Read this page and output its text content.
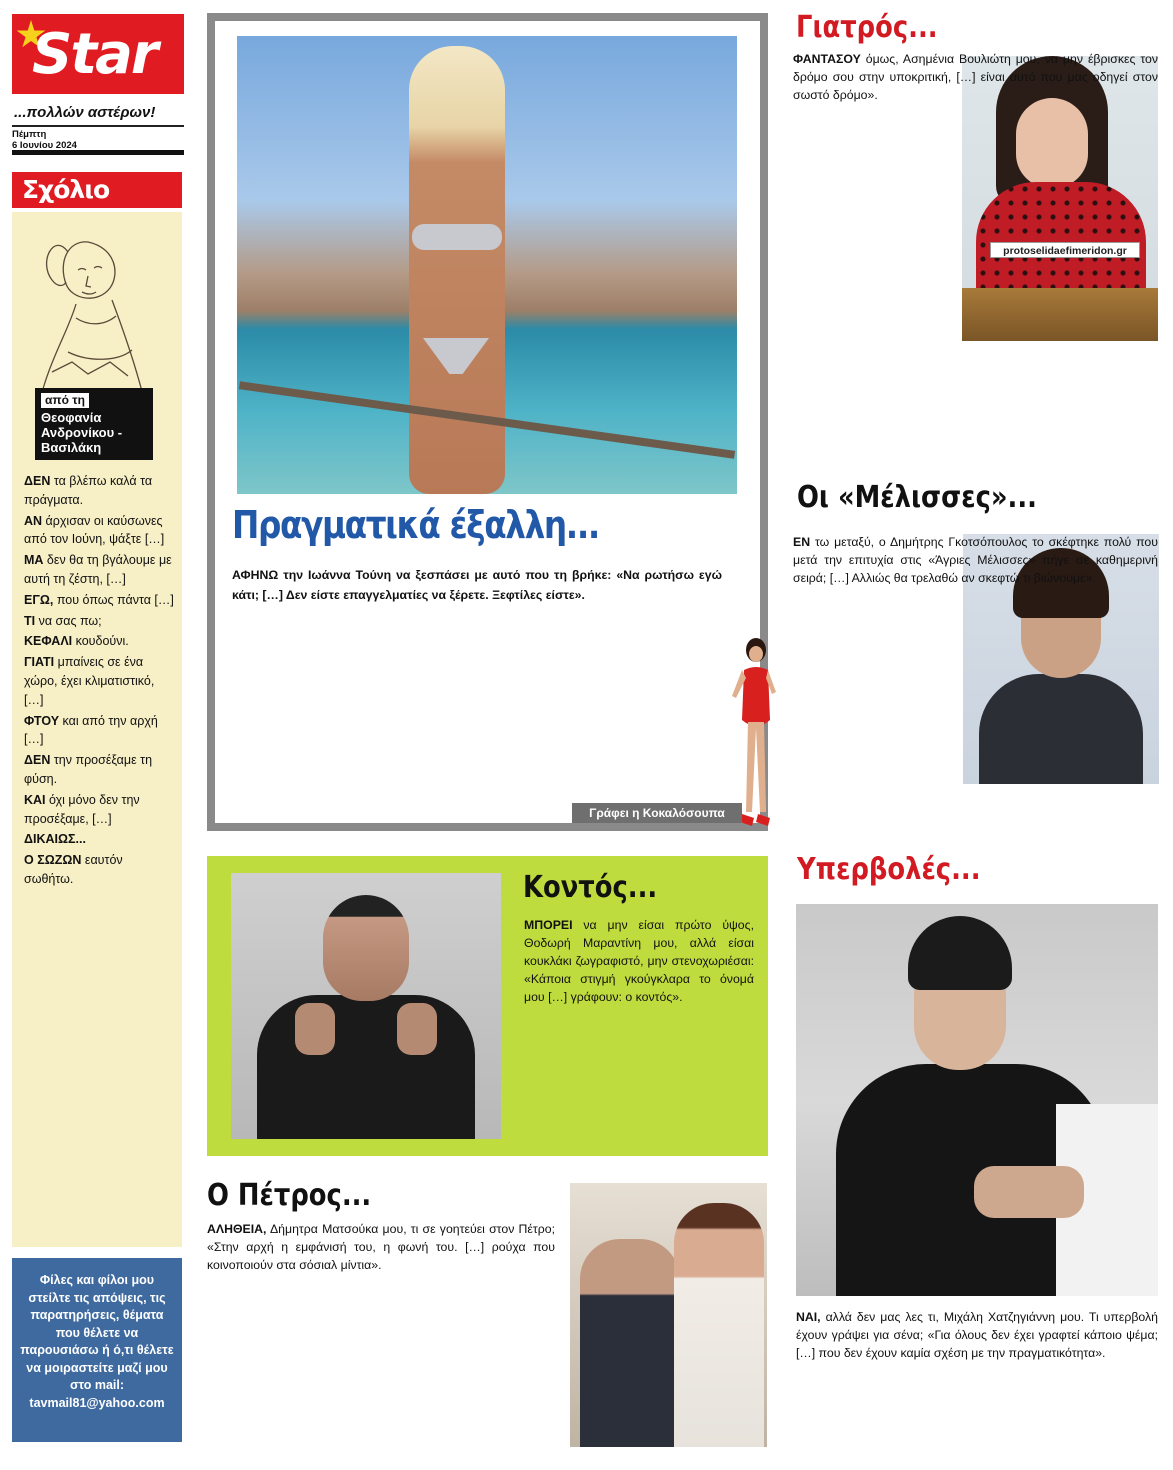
Star
...πολλών αστέρων!
Πέμπτη
6 Ιουνίου 2024
Σχόλιο
από τη
Θεοφανία Ανδρονίκου - Βασιλάκη

ΔΕΝ τα βλέπω καλά τα πράγματα.

ΑΝ άρχισαν οι καύσωνες από τον Ιούνη, ψάξτε […]

ΜΑ δεν θα τη βγάλουμε με αυτή τη ζέστη, […]

ΕΓΩ, που όπως πάντα […]

ΤΙ να σας πω;

ΚΕΦΑΛΙ κουδούνι.

ΓΙΑΤΙ μπαίνεις σε ένα χώρο, έχει κλιματιστικό, […]

ΦΤΟΥ και από την αρχή […]

ΔΕΝ την προσέξαμε τη φύση.

ΚΑΙ όχι μόνο δεν την προσέξαμε, […]

ΔΙΚΑΙΩΣ...

Ο ΣΩΖΩΝ εαυτόν σωθήτω.

Φίλες και φίλοι μου στείλτε τις απόψεις, τις παρατηρήσεις, θέματα που θέλετε να παρουσιάσω ή ό,τι θέλετε να μοιραστείτε μαζί μου στο mail:
tavmail81@yahoo.com
Πραγματικά έξαλλη...
ΑΦΗΝΩ την Ιωάννα Τούνη να ξεσπάσει με αυτό που τη βρήκε: «Να ρωτήσω εγώ κάτι; […] Δεν είστε επαγγελματίες να ξέρετε. Ξεφτίλες είστε».
Γράφει η Κοκαλόσουπα
Κοντός...
ΜΠΟΡΕΙ να μην είσαι πρώτο ύψος, Θοδωρή Μαραντίνη μου, αλλά είσαι κουκλάκι ζωγραφιστό, μην στενοχωριέσαι: «Κάποια στιγμή γκούγκλαρα το όνομά μου […] γράφουν: ο κοντός».
Ο Πέτρος...
ΑΛΗΘΕΙΑ, Δήμητρα Ματσούκα μου, τι σε γοητεύει στον Πέτρο; «Στην αρχή η εμφάνισή του, η φωνή του. […] ρούχα που κοινοποιούν στα σόσιαλ μίντια».
Γιατρός...
protoselidaefimeridon.gr
ΦΑΝΤΑΣΟΥ όμως, Ασημένια Βουλιώτη μου, να μην έβρισκες τον δρόμο σου στην υποκριτική, […] είναι αυτό που μας οδηγεί στον σωστό δρόμο».
Οι «Μέλισσες»...
ΕΝ τω μεταξύ, ο Δημήτρης Γκοτσόπουλος το σκέφτηκε πολύ που μετά την επιτυχία στις «Άγριες Μέλισσες» πήγε σε καθημερινή σειρά; […] Αλλιώς θα τρελαθώ αν σκεφτώ τι βιώνουμε».
Υπερβολές...
ΝΑΙ, αλλά δεν μας λες τι, Μιχάλη Χατζηγιάννη μου. Τι υπερβολή έχουν γράψει για σένα; «Για όλους δεν έχει γραφτεί κάποιο ψέμα; […] που δεν έχουν καμία σχέση με την πραγματικότητα».
